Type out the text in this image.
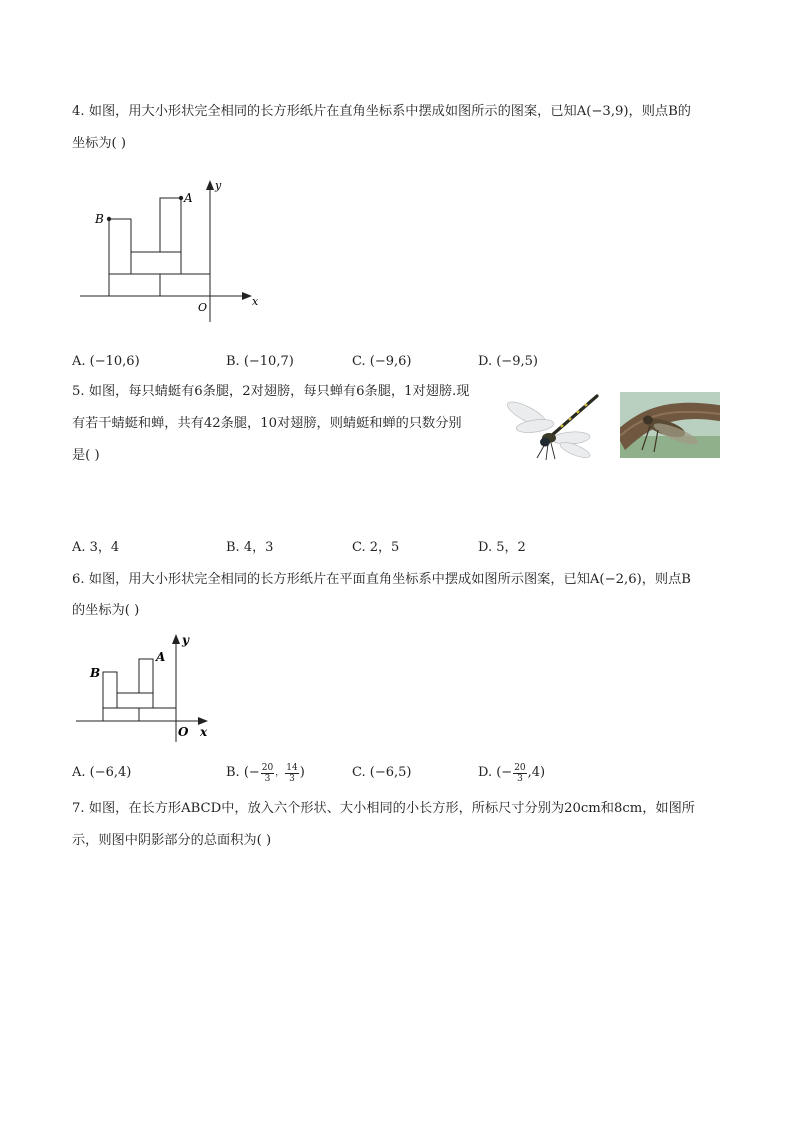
4. 如图，用大小形状完全相同的长方形纸片在直角坐标系中摆成如图所示的图案，已知A(−3,9)，则点B的
坐标为( )
B
A
O	x
y
A. (−10,6)	B. (−10,7)	C. (−9,6)	D. (−9,5)
5. 如图，每只蜻蜓有6条腿，2对翅膀，每只蝉有6条腿，1对翅膀.现
有若干蜻蜓和蝉，共有42条腿，10对翅膀，则蜻蜓和蝉的只数分别
是( )
A. 3，4	B. 4，3	C. 2，5	D. 5，2
6. 如图，用大小形状完全相同的长方形纸片在平面直角坐标系中摆成如图所示图案，已知A(−2,6)，则点B
的坐标为( )
B
A
O x
y
A. (−6,4)	B. (− $\frac{20}{3}$ ，
14
3 )	C. (−6,5)	D. (− $\frac{20}{3} ,4$)
7. 如图，在长方形ABCD中，放入六个形状、大小相同的小长方形，所标尺寸分别为20cm和8cm，如图所
示，则图中阴影部分的总面积为( )
